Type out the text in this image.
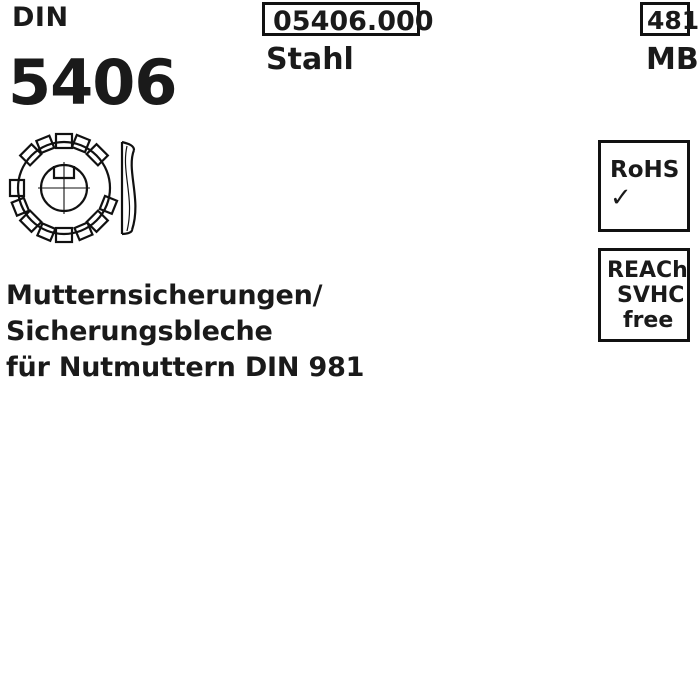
DIN	05406.000	481
5406	Stahl	MB
Mutternsicherungen/
Sicherungsbleche
für Nutmuttern DIN 981
RoHS
✓
REACh
SVHC
free
